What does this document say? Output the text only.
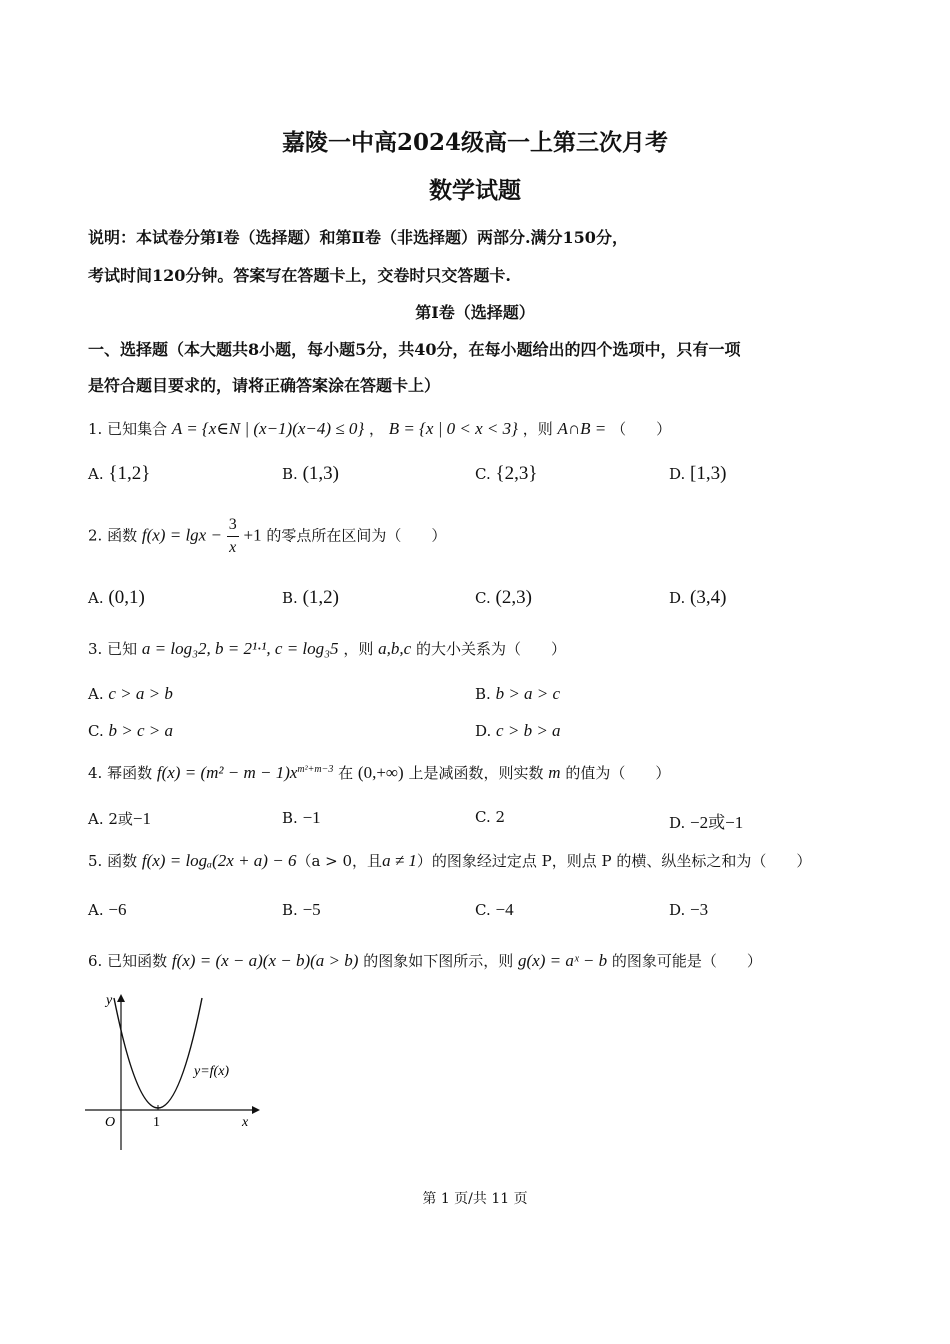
嘉陵一中高2024级高一上第三次月考
数学试题
说明：本试卷分第Ⅰ卷（选择题）和第Ⅱ卷（非选择题）两部分.满分150分，
考试时间120分钟。答案写在答题卡上，交卷时只交答题卡.
第Ⅰ卷（选择题）
一、选择题（本大题共8小题，每小题5分，共40分，在每小题给出的四个选项中，只有一项
是符合题目要求的，请将正确答案涂在答题卡上）
1. 已知集合 A = {x∈N | (x−1)(x−4) ≤ 0} ， B = {x | 0 < x < 3} ，则 A∩B = （　　）
A. {1,2}	B. (1,3)	C. {2,3}	D. [1,3)
2. 函数 $f(x) = \lg x - \frac{3}{x} +1$ 的零点所在区间为（　　）
A. (0,1)	B. (1,2)	C. (2,3)	D. (3,4)
3. 已知 a = log₃2, b = 2¹·¹, c = log₃5 ，则 a,b,c 的大小关系为（　　）
A. c > a > b	B. b > a > c
C. b > c > a	D. c > b > a
4. 幂函数 $f(x) = (m^2 - m - 1)x^{m^2+m-3}$ 在 (0,+∞) 上是减函数，则实数 m 的值为（　　）
A. 2或−1	B. −1	C. 2	D. −2或−1
5. 函数 f(x) = logₐ(2x + a) − 6（a > 0，且a ≠ 1）的图象经过定点 P，则点 P 的横、纵坐标之和为（　　）
A. −6	B. −5	C. −4	D. −3
6. 已知函数 f(x) = (x − a)(x − b)(a > b) 的图象如下图所示，则 g(x) = aˣ − b 的图象可能是（　　）
y
x
O	1
y=f(x)
第 1 页/共 11 页
